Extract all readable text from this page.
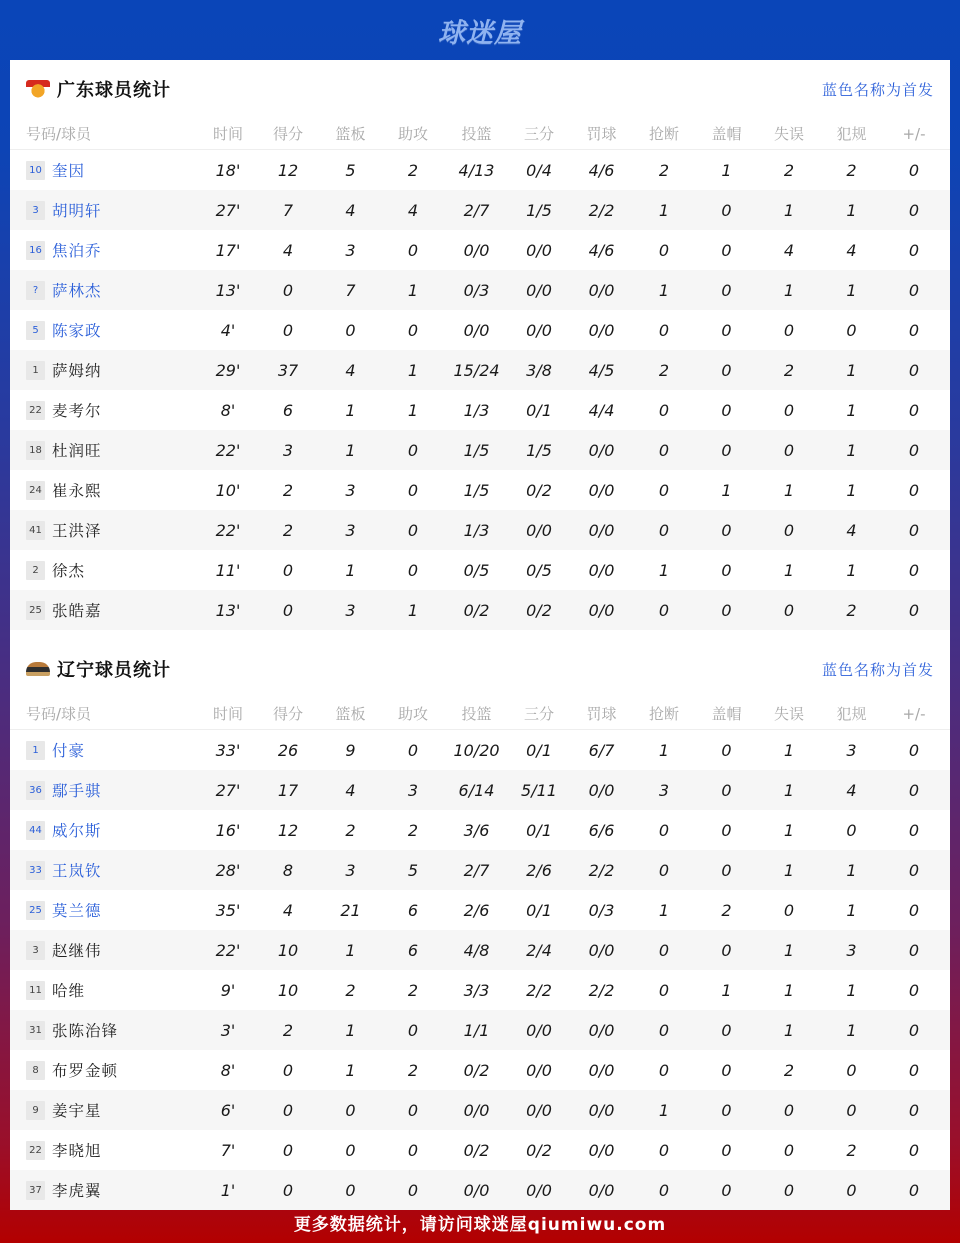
球迷屋
广东球员统计	蓝色名称为首发
号码/球员	时间	得分	篮板	助攻	投篮	三分	罚球	抢断	盖帽	失误	犯规	+/-
10 奎因	18'	12	5	2	4/13	0/4	4/6	2	1	2	2	0
3 胡明轩	27'	7	4	4	2/7	1/5	2/2	1	0	1	1	0
16 焦泊乔	17'	4	3	0	0/0	0/0	4/6	0	0	4	4	0
? 萨林杰	13'	0	7	1	0/3	0/0	0/0	1	0	1	1	0
5 陈家政	4'	0	0	0	0/0	0/0	0/0	0	0	0	0	0
1 萨姆纳	29'	37	4	1	15/24	3/8	4/5	2	0	2	1	0
22 麦考尔	8'	6	1	1	1/3	0/1	4/4	0	0	0	1	0
18 杜润旺	22'	3	1	0	1/5	1/5	0/0	0	0	0	1	0
24 崔永熙	10'	2	3	0	1/5	0/2	0/0	0	1	1	1	0
41 王洪泽	22'	2	3	0	1/3	0/0	0/0	0	0	0	4	0
2 徐杰	11'	0	1	0	0/5	0/5	0/0	1	0	1	1	0
25 张皓嘉	13'	0	3	1	0/2	0/2	0/0	0	0	0	2	0
辽宁球员统计	蓝色名称为首发
号码/球员	时间	得分	篮板	助攻	投篮	三分	罚球	抢断	盖帽	失误	犯规	+/-
1 付豪	33'	26	9	0	10/20	0/1	6/7	1	0	1	3	0
36 鄢手骐	27'	17	4	3	6/14	5/11	0/0	3	0	1	4	0
44 威尔斯	16'	12	2	2	3/6	0/1	6/6	0	0	1	0	0
33 王岚钦	28'	8	3	5	2/7	2/6	2/2	0	0	1	1	0
25 莫兰德	35'	4	21	6	2/6	0/1	0/3	1	2	0	1	0
3 赵继伟	22'	10	1	6	4/8	2/4	0/0	0	0	1	3	0
11 哈维	9'	10	2	2	3/3	2/2	2/2	0	1	1	1	0
31 张陈治锋	3'	2	1	0	1/1	0/0	0/0	0	0	1	1	0
8 布罗金顿	8'	0	1	2	0/2	0/0	0/0	0	0	2	0	0
9 姜宇星	6'	0	0	0	0/0	0/0	0/0	1	0	0	0	0
22 李晓旭	7'	0	0	0	0/2	0/2	0/0	0	0	0	2	0
37 李虎翼	1'	0	0	0	0/0	0/0	0/0	0	0	0	0	0
更多数据统计，请访问球迷屋qiumiwu.com
